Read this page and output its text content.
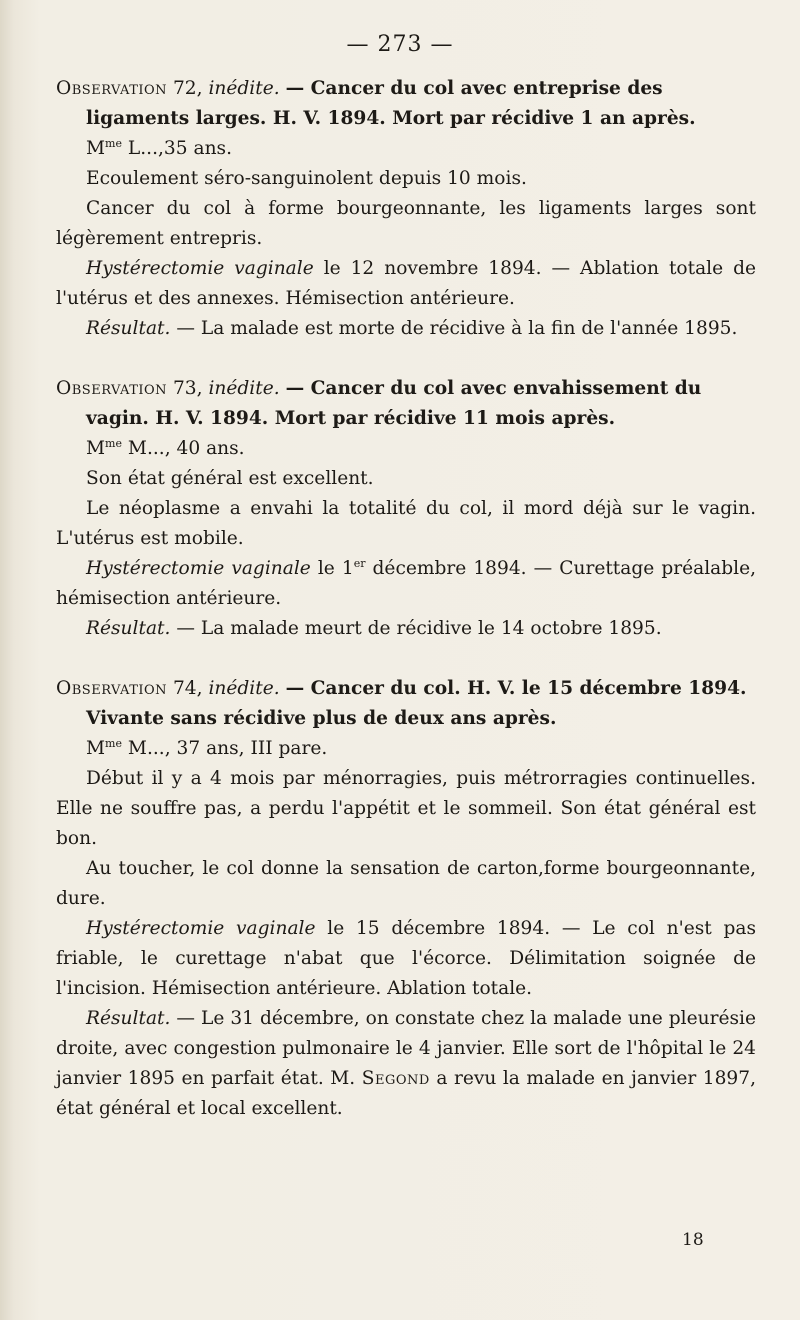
— 273 —

Observation 72, inédite. — Cancer du col avec entreprise des ligaments larges. H. V. 1894. Mort par récidive 1 an après.

$M^{me}$ L...,35 ans.

Ecoulement séro-sanguinolent depuis 10 mois.

Cancer du col à forme bourgeonnante, les ligaments larges sont légèrement entrepris.

Hystérectomie vaginale le 12 novembre 1894. — Ablation totale de l'utérus et des annexes. Hémisection antérieure.

Résultat. — La malade est morte de récidive à la fin de l'année 1895.

Observation 73, inédite. — Cancer du col avec envahissement du vagin. H. V. 1894. Mort par récidive 11 mois après.

$M^{me}$ M..., 40 ans.

Son état général est excellent.

Le néoplasme a envahi la totalité du col, il mord déjà sur le vagin. L'utérus est mobile.

Hystérectomie vaginale le 1er décembre 1894. — Curettage préalable, hémisection antérieure.

Résultat. — La malade meurt de récidive le 14 octobre 1895.

Observation 74, inédite. — Cancer du col. H. V. le 15 décembre 1894. Vivante sans récidive plus de deux ans après.

$M^{me}$ M..., 37 ans, III pare.

Début il y a 4 mois par ménorragies, puis métrorragies continuelles. Elle ne souffre pas, a perdu l'appétit et le sommeil. Son état général est bon.

Au toucher, le col donne la sensation de carton,forme bourgeonnante, dure.

Hystérectomie vaginale le 15 décembre 1894. — Le col n'est pas friable, le curettage n'abat que l'écorce. Délimitation soignée de l'incision. Hémisection antérieure. Ablation totale.

Résultat. — Le 31 décembre, on constate chez la malade une pleurésie droite, avec congestion pulmonaire le 4 janvier. Elle sort de l'hôpital le 24 janvier 1895 en parfait état. M. Segond a revu la malade en janvier 1897, état général et local excellent.

18
